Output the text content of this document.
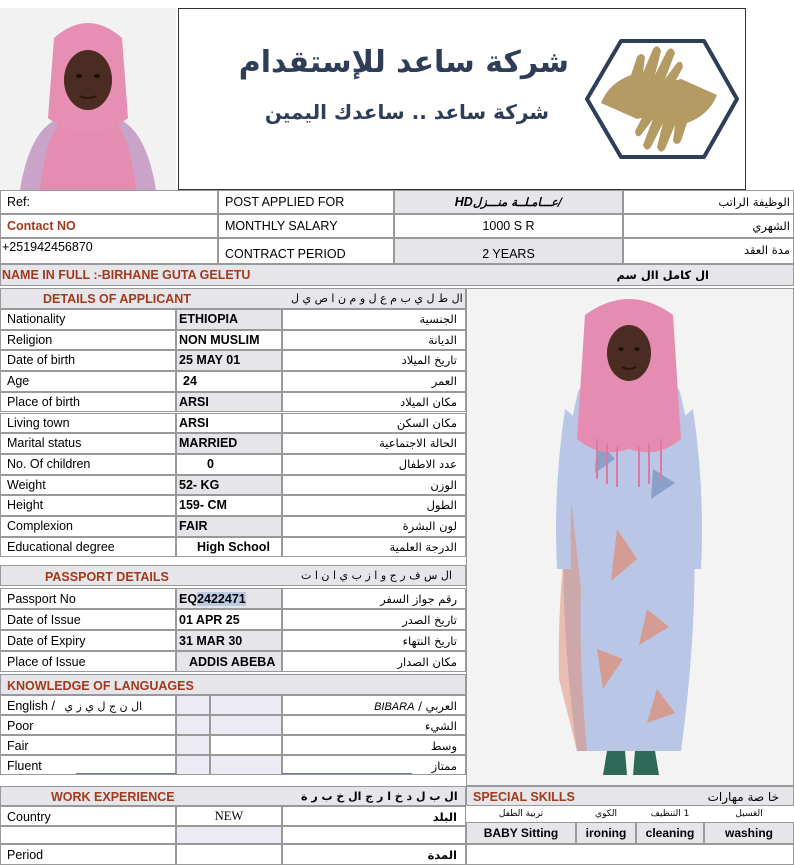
شركة ساعد للإستقدام
شركة ساعد .. ساعدك اليمين
Ref:	POST APPLIED FOR	HDعـــامـلــة منـــزل/	الوظيفة الراتب
Contact NO	MONTHLY SALARY	1000 S R	الشهري
+251942456870	CONTRACT PERIOD	2 YEARS	مدة العقد
NAME IN FULL :-BIRHANE GUTA GELETU	ال كامل اال سم
DETAILS OF APPLICANT	ال ط ل ي ب م ع ل و م ن ا ص ي ل
Nationality	ETHIOPIA	الجنسية
Religion	NON MUSLIM	الديانة
Date of birth	25 MAY 01	تاريخ الميلاد
Age	24	العمر
Place of birth	ARSI	مكان الميلاد
Living town	ARSI	مكان السكن
Marital status	MARRIED	الحالة الاجتماعية
No. Of children	0	عدد الاطفال
Weight	52- KG	الوزن
Height	159- CM	الطول
Complexion	FAIR	لون البشرة
Educational degree	High School	الدرجة العلمية
PASSPORT DETAILS	ال س ف ر ج و ا ز ب ي ا ن ا ت
Passport No	EQ2422471	رقم جواز السفر
Date of Issue	01 APR 25	تاريخ الصدر
Date of Expiry	31 MAR 30	تاريخ النتهاء
Place of Issue	ADDIS ABEBA	مكان الصدار
KNOWLEDGE OF LANGUAGES
English / ال ن ج ل ي ز ي	العربي / BIBARA
Poor	الشيء
Fair	وسط
Fluent	ممتاز
WORK EXPERIENCE	ال ب ل د خ ا ر ج ال خ ب ر ة
Country	NEW	البلد
Period	المدة
SPECIAL SKILLS	خا صة مهارات
تربية الطفل	الكوي	1 التنظيف	الغسيل
BABY Sitting	ironing	cleaning	washing
